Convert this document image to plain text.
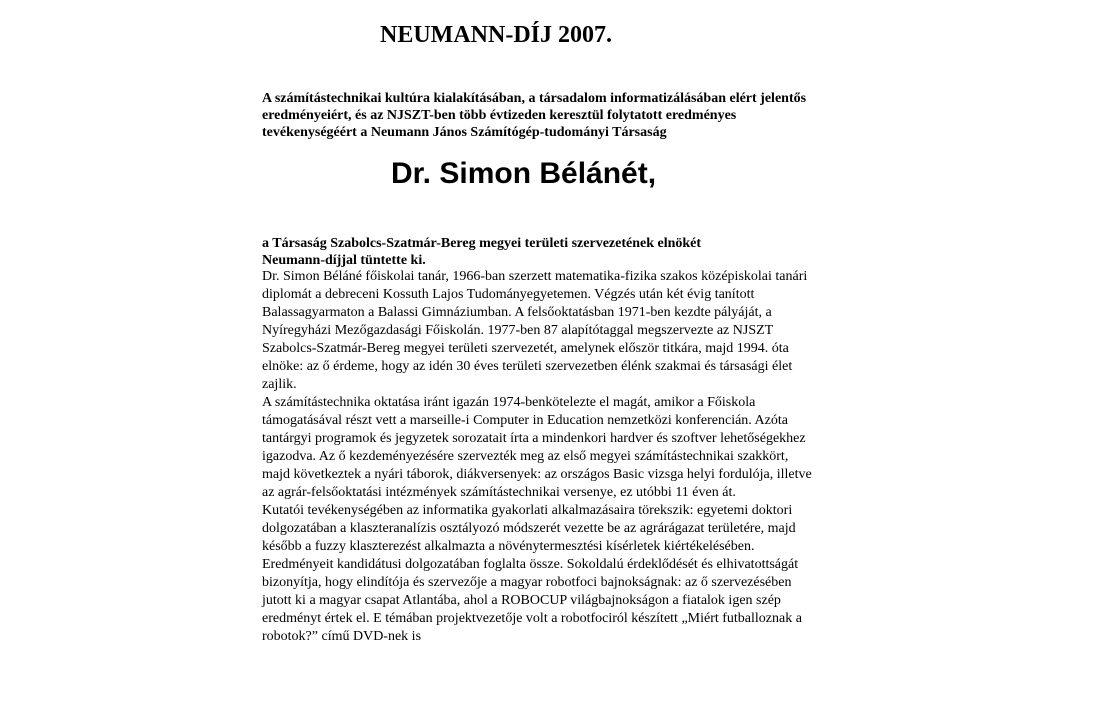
NEUMANN-DÍJ 2007.
A számítástechnikai kultúra kialakításában, a társadalom informatizálásában elért jelentős
eredményeiért, és az NJSZT-ben több évtizeden keresztül folytatott eredményes
tevékenységéért a Neumann János Számítógép-tudományi Társaság
Dr. Simon Bélánét,
a Társaság Szabolcs-Szatmár-Bereg megyei területi szervezetének elnökét
Neumann-díjjal tüntette ki.
Dr. Simon Béláné főiskolai tanár, 1966-ban szerzett matematika-fizika szakos középiskolai tanári
diplomát a debreceni Kossuth Lajos Tudományegyetemen. Végzés után két évig tanított
Balassagyarmaton a Balassi Gimnáziumban. A felsőoktatásban 1971-ben kezdte pályáját, a
Nyíregyházi Mezőgazdasági Főiskolán. 1977-ben 87 alapítótaggal megszervezte az NJSZT
Szabolcs-Szatmár-Bereg megyei területi szervezetét, amelynek először titkára, majd 1994. óta
elnöke: az ő érdeme, hogy az idén 30 éves területi szervezetben élénk szakmai és társasági élet
zajlik.
A számítástechnika oktatása iránt igazán 1974-benkötelezte el magát, amikor a Főiskola
támogatásával részt vett a marseille-i Computer in Education nemzetközi konferencián. Azóta
tantárgyi programok és jegyzetek sorozatait írta a mindenkori hardver és szoftver lehetőségekhez
igazodva. Az ő kezdeményezésére szervezték meg az első megyei számítástechnikai szakkört,
majd következtek a nyári táborok, diákversenyek: az országos Basic vizsga helyi fordulója, illetve
az agrár-felsőoktatási intézmények számítástechnikai versenye, ez utóbbi 11 éven át.
Kutatói tevékenységében az informatika gyakorlati alkalmazásaira törekszik: egyetemi doktori
dolgozatában a klaszteranalízis osztályozó módszerét vezette be az agrárágazat területére, majd
később a fuzzy klaszterezést alkalmazta a növénytermesztési kísérletek kiértékelésében.
Eredményeit kandidátusi dolgozatában foglalta össze. Sokoldalú érdeklődését és elhivatottságát
bizonyítja, hogy elindítója és szervezője a magyar robotfoci bajnokságnak: az ő szervezésében
jutott ki a magyar csapat Atlantába, ahol a ROBOCUP világbajnokságon a fiatalok igen szép
eredményt értek el. E témában projektvezetője volt a robotfociról készített „Miért futballoznak a
robotok?” című DVD-nek is
